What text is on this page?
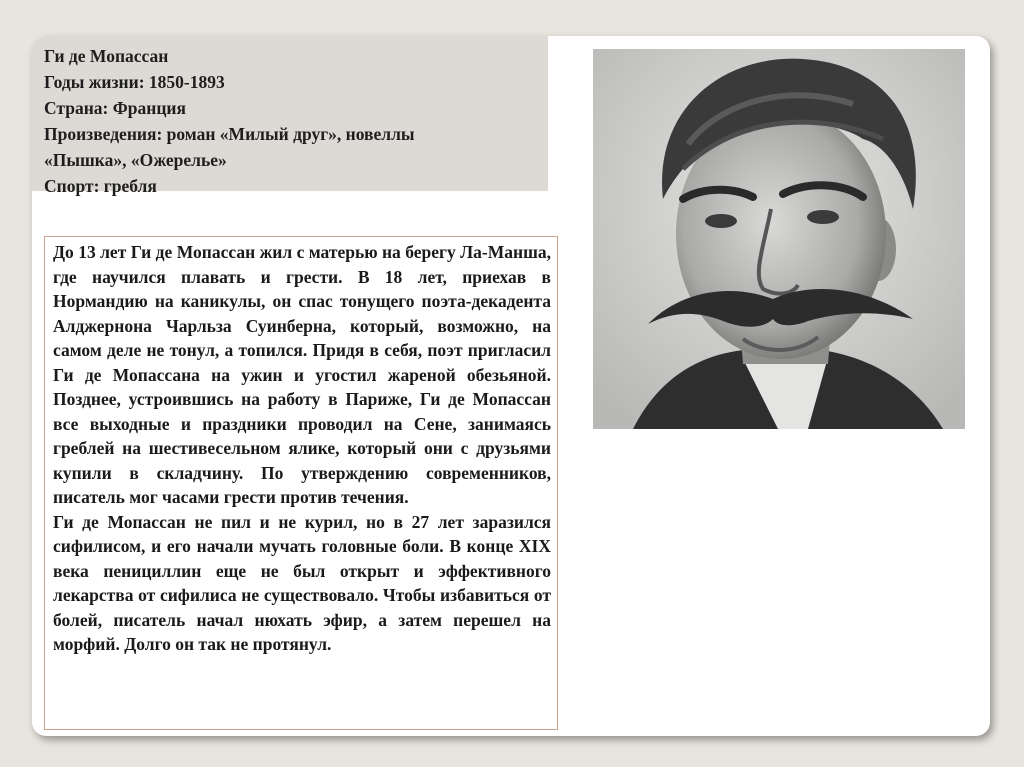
Ги де Мопассан
Годы жизни: 1850-1893
Страна: Франция
Произведения: роман «Милый друг», новеллы
«Пышка», «Ожерелье»
Спорт: гребля

До 13 лет Ги де Мопассан жил с матерью на берегу Ла-Манша, где научился плавать и грести. В 18 лет, приехав в Нормандию на каникулы, он спас тонущего поэта-декадента Алджернона Чарльза Суинберна, который, возможно, на самом деле не тонул, а топился. Придя в себя, поэт пригласил Ги де Мопассана на ужин и угостил жареной обезьяной. Позднее, устроившись на работу в Париже, Ги де Мопассан все выходные и праздники проводил на Сене, занимаясь греблей на шестивесельном ялике, который они с друзьями купили в складчину. По утверждению современников, писатель мог часами грести против течения.

Ги де Мопассан не пил и не курил, но в 27 лет заразился сифилисом, и его начали мучать головные боли. В конце XIX века пенициллин еще не был открыт и эффективного лекарства от сифилиса не существовало. Чтобы избавиться от болей, писатель начал нюхать эфир, а затем перешел на морфий. Долго он так не протянул.
